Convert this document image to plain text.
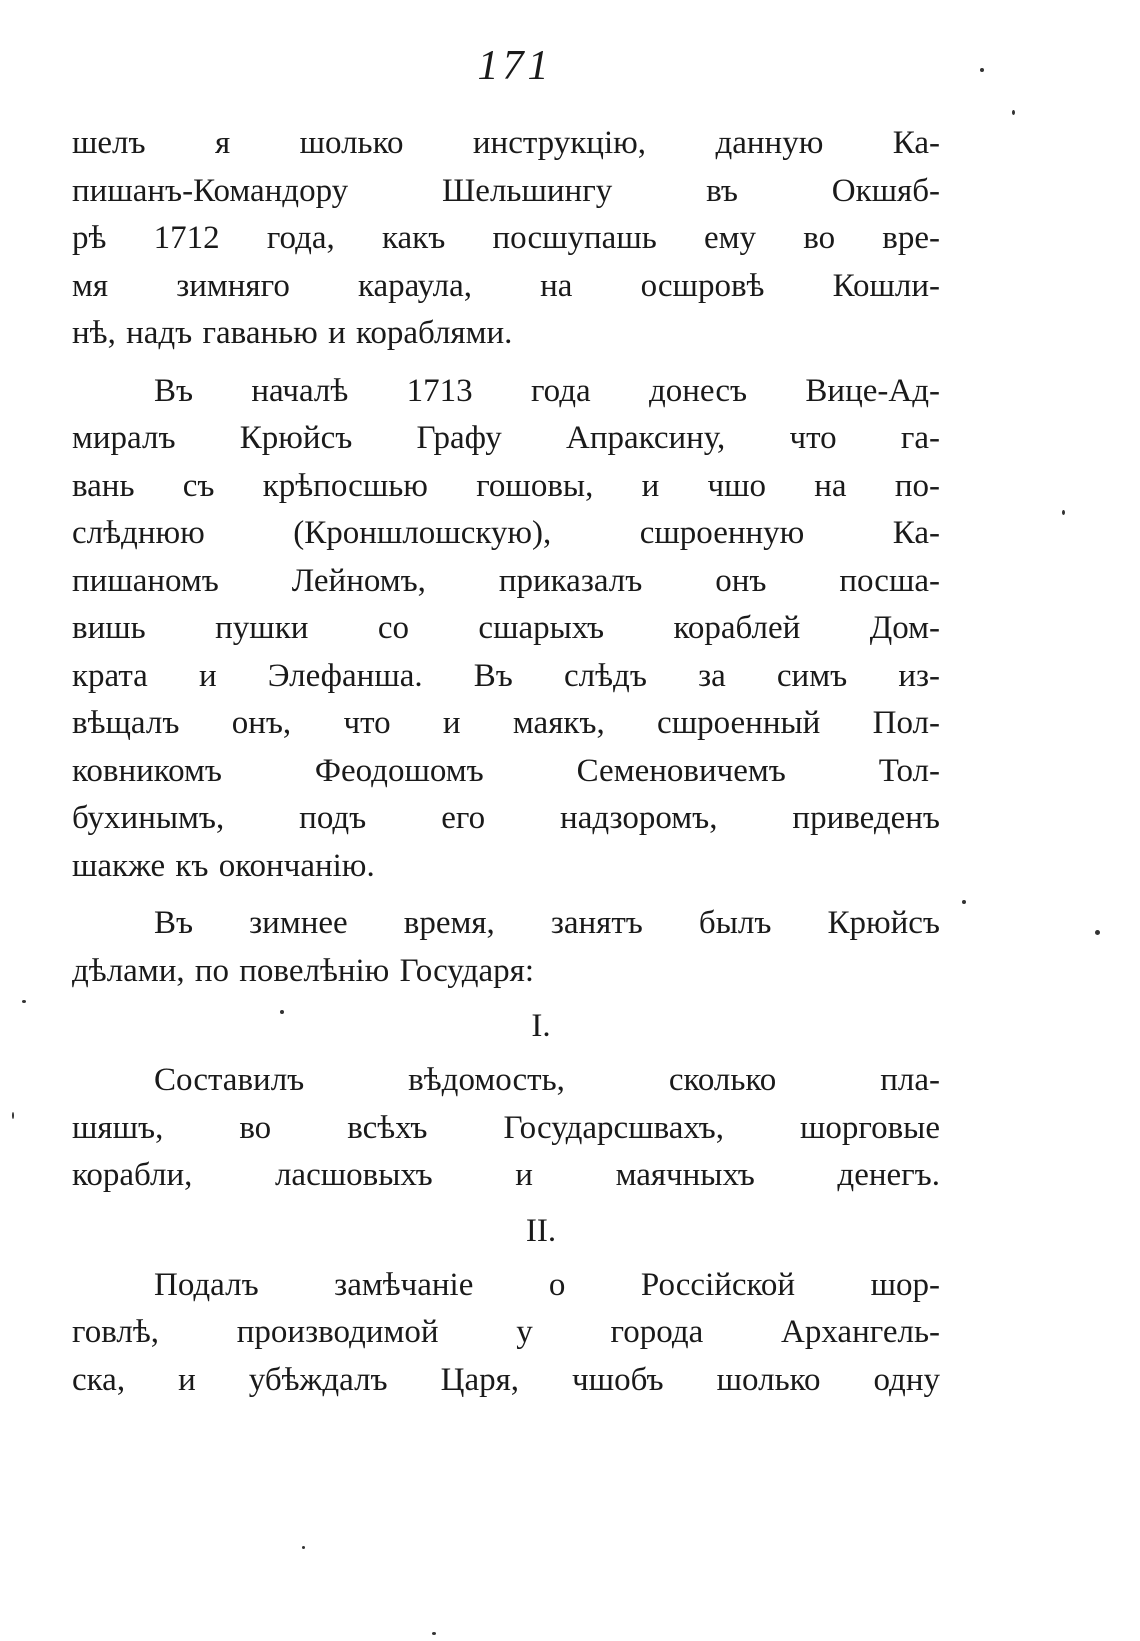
171
шелъ я шолько инструкцію, данную Ка-
пишанъ-Командору Шельшингу въ Окшяб-
рѣ 1712 года, какъ посшупашь ему во вре-
мя зимняго караула, на осшровѣ Кошли-
нѣ, надъ гаванью и кораблями.
Въ началѣ 1713 года донесъ Вице-Ад-
миралъ Крюйсъ Графу Апраксину, что га-
вань съ крѣпосшью гошовы, и чшо на по-
слѣднюю (Кроншлошскую), сшроенную Ка-
пишаномъ Лейномъ, приказалъ онъ посша-
вишь пушки со сшарыхъ кораблей Дом-
крата и Элефанша. Въ слѣдъ за симъ из-
вѣщалъ онъ, что и маякъ, сшроенный Пол-
ковникомъ Феодошомъ Семеновичемъ Тол-
бухинымъ, подъ его надзоромъ, приведенъ
шакже къ окончанію.
Въ зимнее время, занятъ былъ Крюйсъ
дѣлами, по повелѣнію Государя:
I.
Составилъ вѣдомость, сколько пла-
шяшъ, во всѣхъ Государсшвахъ, шорговые
корабли, ласшовыхъ и маячныхъ денегъ.
II.
Подалъ замѣчаніе о Россійской шор-
говлѣ, производимой у города Архангель-
ска, и убѣждалъ Царя, чшобъ шолько одну
